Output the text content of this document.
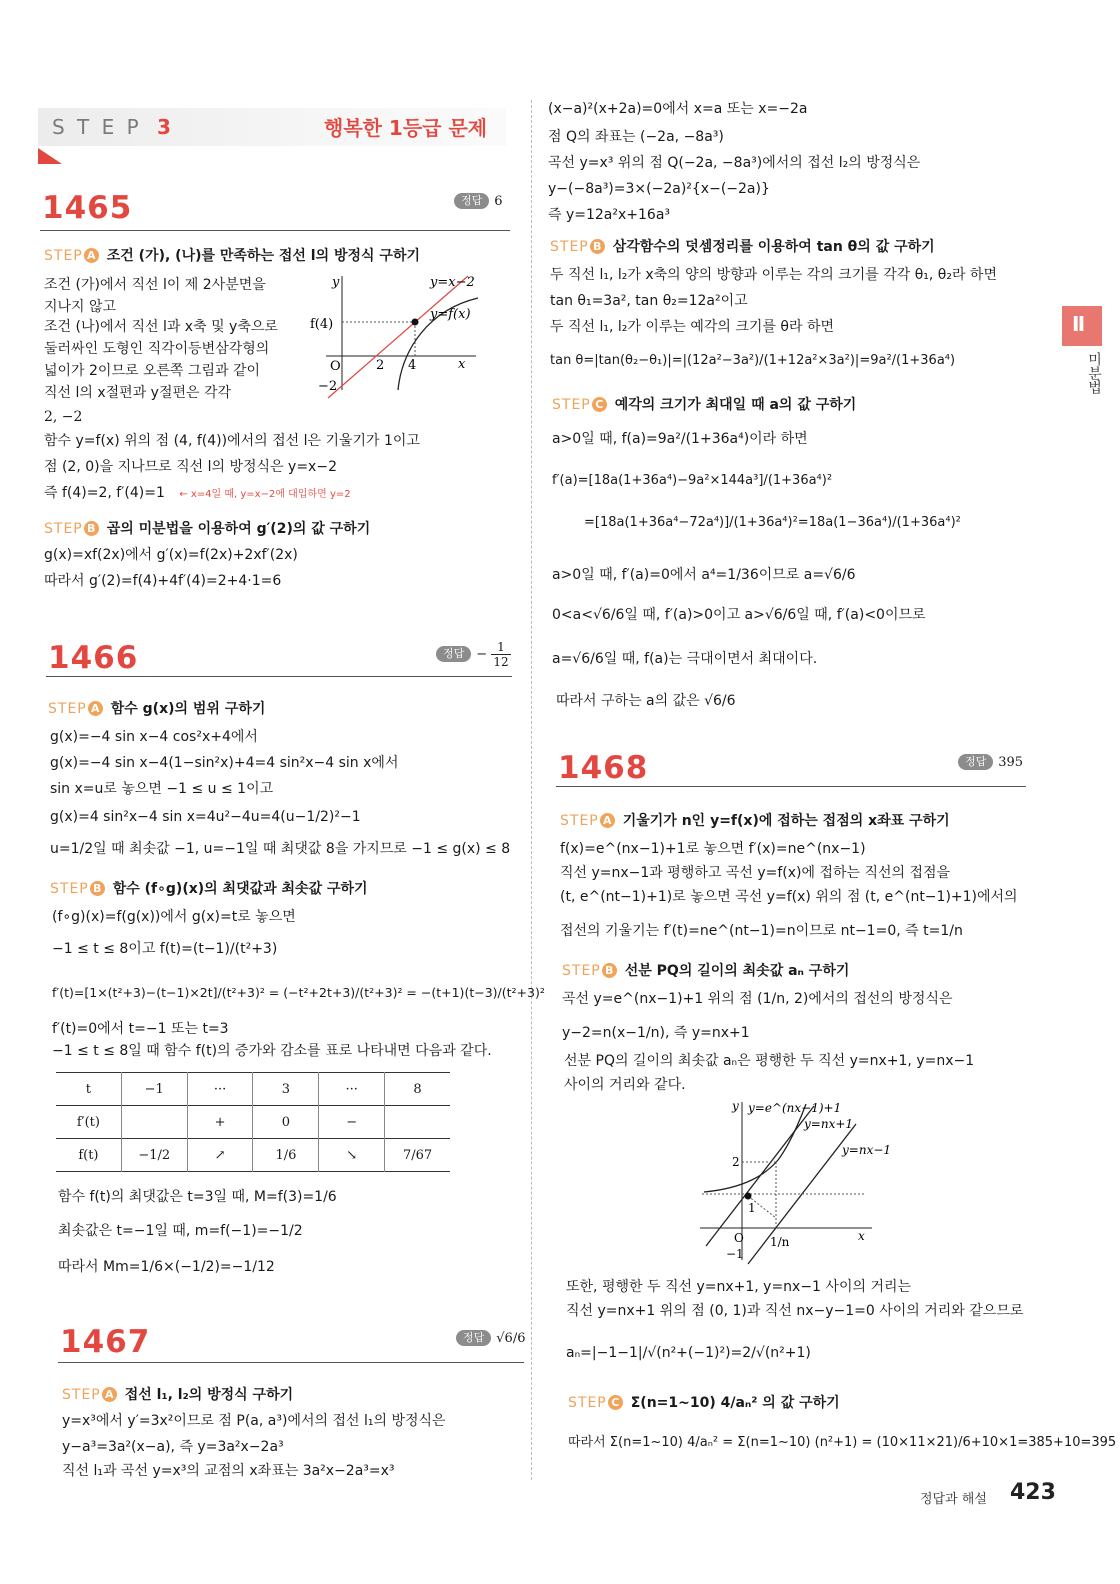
S T E P 3	행복한 1등급 문제
Ⅱ
미분법
1465	정답 6
STEP A 조건 (가), (나)를 만족하는 접선 l의 방정식 구하기
조건 (가)에서 직선 l이 제 2사분면을
지나지 않고
조건 (나)에서 직선 l과 x축 및 y축으로
둘러싸인 도형인 직각이등변삼각형의
넓이가 2이므로 오른쪽 그림과 같이
직선 l의 x절편과 y절편은 각각
2, −2
y=x−2
y=f(x)
f(4)
y
x
O	2 4
−2
함수 y=f(x) 위의 점 (4, f(4))에서의 접선 l은 기울기가 1이고
점 (2, 0)을 지나므로 직선 l의 방정식은 y=x−2
즉 f(4)=2, f′(4)=1 ← x=4일 때, y=x−2에 대입하면 y=2
STEP B 곱의 미분법을 이용하여 g′(2)의 값 구하기
g(x)=xf(2x)에서 g′(x)=f(2x)+2xf′(2x)
따라서 g′(2)=f(4)+4f′(4)=2+4·1=6
1466	정답 − $\frac{1}{12}$
STEP A 함수 g(x)의 범위 구하기
g(x)=−4 sin x−4 cos²x+4에서
g(x)=−4 sin x−4(1−sin²x)+4=4 sin²x−4 sin x에서
sin x=u로 놓으면 −1 ≤ u ≤ 1이고
g(x)=4 sin²x−4 sin x=4u²−4u=4(u−1/2)²−1
u=1/2일 때 최솟값 −1, u=−1일 때 최댓값 8을 가지므로 −1 ≤ g(x) ≤ 8
STEP B 함수 (f∘g)(x)의 최댓값과 최솟값 구하기
(f∘g)(x)=f(g(x))에서 g(x)=t로 놓으면
−1 ≤ t ≤ 8이고 f(t)=(t−1)/(t²+3)
f′(t)=[1×(t²+3)−(t−1)×2t]/(t²+3)² = (−t²+2t+3)/(t²+3)² = −(t+1)(t−3)/(t²+3)²
f′(t)=0에서 t=−1 또는 t=3
−1 ≤ t ≤ 8일 때 함수 f(t)의 증가와 감소를 표로 나타내면 다음과 같다.
t	−1	···	3	···	8
f′(t)		+	0	−	
f(t)	−1/2	↗	1/6	↘	7/67
함수 f(t)의 최댓값은 t=3일 때, M=f(3)=1/6
최솟값은 t=−1일 때, m=f(−1)=−1/2
따라서 Mm=1/6×(−1/2)=−1/12
1467	정답 √6/6
STEP A 접선 l₁, l₂의 방정식 구하기
y=x³에서 y′=3x²이므로 점 P(a, a³)에서의 접선 l₁의 방정식은
y−a³=3a²(x−a), 즉 y=3a²x−2a³
직선 l₁과 곡선 y=x³의 교점의 x좌표는 3a²x−2a³=x³
(x−a)²(x+2a)=0에서 x=a 또는 x=−2a
점 Q의 좌표는 (−2a, −8a³)
곡선 y=x³ 위의 점 Q(−2a, −8a³)에서의 접선 l₂의 방정식은
y−(−8a³)=3×(−2a)²{x−(−2a)}
즉 y=12a²x+16a³
STEP B 삼각함수의 덧셈정리를 이용하여 tan θ의 값 구하기
두 직선 l₁, l₂가 x축의 양의 방향과 이루는 각의 크기를 각각 θ₁, θ₂라 하면
tan θ₁=3a², tan θ₂=12a²이고
두 직선 l₁, l₂가 이루는 예각의 크기를 θ라 하면
tan θ=|tan(θ₂−θ₁)|=|(12a²−3a²)/(1+12a²×3a²)|=9a²/(1+36a⁴)
STEP C 예각의 크기가 최대일 때 a의 값 구하기
a>0일 때, f(a)=9a²/(1+36a⁴)이라 하면
f′(a)=[18a(1+36a⁴)−9a²×144a³]/(1+36a⁴)²
=[18a(1+36a⁴−72a⁴)]/(1+36a⁴)²=18a(1−36a⁴)/(1+36a⁴)²
a>0일 때, f′(a)=0에서 a⁴=1/36이므로 a=√6/6
0<a<√6/6일 때, f′(a)>0이고 a>√6/6일 때, f′(a)<0이므로
a=√6/6일 때, f(a)는 극대이면서 최대이다.
따라서 구하는 a의 값은 √6/6
1468	정답 395
STEP A 기울기가 n인 y=f(x)에 접하는 접점의 x좌표 구하기
f(x)=e^(nx−1)+1로 놓으면 f′(x)=ne^(nx−1)
직선 y=nx−1과 평행하고 곡선 y=f(x)에 접하는 직선의 접점을
(t, e^(nt−1)+1)로 놓으면 곡선 y=f(x) 위의 점 (t, e^(nt−1)+1)에서의
접선의 기울기는 f′(t)=ne^(nt−1)=n이므로 nt−1=0, 즉 t=1/n
STEP B 선분 PQ의 길이의 최솟값 aₙ 구하기
곡선 y=e^(nx−1)+1 위의 점 (1/n, 2)에서의 접선의 방정식은
y−2=n(x−1/n), 즉 y=nx+1
선분 PQ의 길이의 최솟값 aₙ은 평행한 두 직선 y=nx+1, y=nx−1
사이의 거리와 같다.
y=e^(nx−1)+1
y=nx+1
y=nx−1
y
x
O
2
1
−1
1/n
또한, 평행한 두 직선 y=nx+1, y=nx−1 사이의 거리는
직선 y=nx+1 위의 점 (0, 1)과 직선 nx−y−1=0 사이의 거리와 같으므로
aₙ=|−1−1|/√(n²+(−1)²)=2/√(n²+1)
STEP C Σ(n=1~10) 4/aₙ² 의 값 구하기
따라서 Σ(n=1~10) 4/aₙ² = Σ(n=1~10) (n²+1) = (10×11×21)/6+10×1=385+10=395
정답과 해설 423
